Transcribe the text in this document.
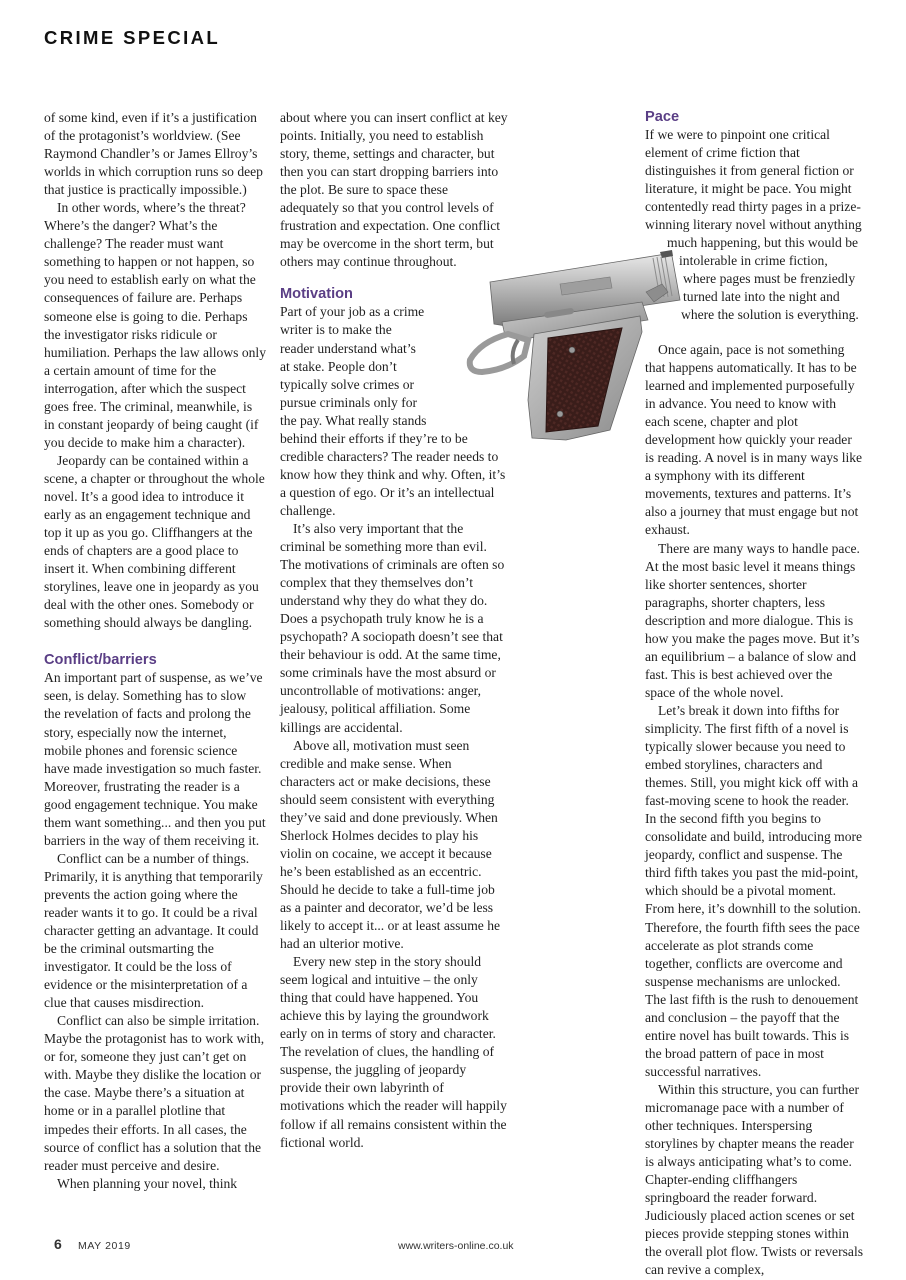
CRIME SPECIAL

of some kind, even if it’s a justification of the protagonist’s worldview. (See Raymond Chandler’s or James Ellroy’s worlds in which corruption runs so deep that justice is practically impossible.)

In other words, where’s the threat? Where’s the danger? What’s the challenge? The reader must want something to happen or not happen, so you need to establish early on what the consequences of failure are. Perhaps someone else is going to die. Perhaps the investigator risks ridicule or humiliation. Perhaps the law allows only a certain amount of time for the interrogation, after which the suspect goes free. The criminal, meanwhile, is in constant jeopardy of being caught (if you decide to make him a character).

Jeopardy can be contained within a scene, a chapter or throughout the whole novel. It’s a good idea to introduce it early as an engagement technique and top it up as you go. Cliffhangers at the ends of chapters are a good place to insert it. When combining different storylines, leave one in jeopardy as you deal with the other ones. Somebody or something should always be dangling.

Conflict/barriers

An important part of suspense, as we’ve seen, is delay. Something has to slow the revelation of facts and prolong the story, especially now the internet, mobile phones and forensic science have made investigation so much faster. Moreover, frustrating the reader is a good engagement technique. You make them want something... and then you put barriers in the way of them receiving it.

Conflict can be a number of things. Primarily, it is anything that temporarily prevents the action going where the reader wants it to go. It could be a rival character getting an advantage. It could be the criminal outsmarting the investigator. It could be the loss of evidence or the misinterpretation of a clue that causes misdirection.

Conflict can also be simple irritation. Maybe the protagonist has to work with, or for, someone they just can’t get on with. Maybe they dislike the location or the case. Maybe there’s a situation at home or in a parallel plotline that impedes their efforts. In all cases, the source of conflict has a solution that the reader must perceive and desire.

When planning your novel, think

about where you can insert conflict at key points. Initially, you need to establish story, theme, settings and character, but then you can start dropping barriers into the plot. Be sure to space these adequately so that you control levels of frustration and expectation. One conflict may be overcome in the short term, but others may continue throughout.

Motivation

Part of your job as a crime writer is to make the reader understand what’s at stake. People don’t typically solve crimes or pursue criminals only for the pay. What really stands behind their efforts if they’re to be credible characters? The reader needs to know how they think and why. Often, it’s a question of ego. Or it’s an intellectual challenge.

It’s also very important that the criminal be something more than evil. The motivations of criminals are often so complex that they themselves don’t understand why they do what they do. Does a psychopath truly know he is a psychopath? A sociopath doesn’t see that their behaviour is odd. At the same time, some criminals have the most absurd or uncontrollable of motivations: anger, jealousy, political affiliation. Some killings are accidental.

Above all, motivation must seen credible and make sense. When characters act or make decisions, these should seem consistent with everything they’ve said and done previously. When Sherlock Holmes decides to play his violin on cocaine, we accept it because he’s been established as an eccentric. Should he decide to take a full-time job as a painter and decorator, we’d be less likely to accept it... or at least assume he had an ulterior motive.

Every new step in the story should seem logical and intuitive – the only thing that could have happened. You achieve this by laying the groundwork early on in terms of story and character. The revelation of clues, the handling of suspense, the juggling of jeopardy provide their own labyrinth of motivations which the reader will happily follow if all remains consistent within the fictional world.

Pace

If we were to pinpoint one critical element of crime fiction that distinguishes it from general fiction or literature, it might be pace. You might contentedly read thirty pages in a prize-winning literary novel without anything much happening, but this would be intolerable in crime fiction, where pages must be frenziedly turned late into the night and where the solution is everything.

Once again, pace is not something that happens automatically. It has to be learned and implemented purposefully in advance. You need to know with each scene, chapter and plot development how quickly your reader is reading. A novel is in many ways like a symphony with its different movements, textures and patterns. It’s also a journey that must engage but not exhaust.

There are many ways to handle pace. At the most basic level it means things like shorter sentences, shorter paragraphs, shorter chapters, less description and more dialogue. This is how you make the pages move. But it’s an equilibrium – a balance of slow and fast. This is best achieved over the space of the whole novel.

Let’s break it down into fifths for simplicity. The first fifth of a novel is typically slower because you need to embed storylines, characters and themes. Still, you might kick off with a fast-moving scene to hook the reader. In the second fifth you begins to consolidate and build, introducing more jeopardy, conflict and suspense. The third fifth takes you past the mid-point, which should be a pivotal moment. From here, it’s downhill to the solution. Therefore, the fourth fifth sees the pace accelerate as plot strands come together, conflicts are overcome and suspense mechanisms are unlocked. The last fifth is the rush to denouement and conclusion – the payoff that the entire novel has built towards. This is the broad pattern of pace in most successful narratives.

Within this structure, you can further micromanage pace with a number of other techniques. Interspersing storylines by chapter means the reader is always anticipating what’s to come. Chapter-ending cliffhangers springboard the reader forward. Judiciously placed action scenes or set pieces provide stepping stones within the overall plot flow. Twists or reversals can revive a complex,

6 MAY 2019	www.writers-online.co.uk
